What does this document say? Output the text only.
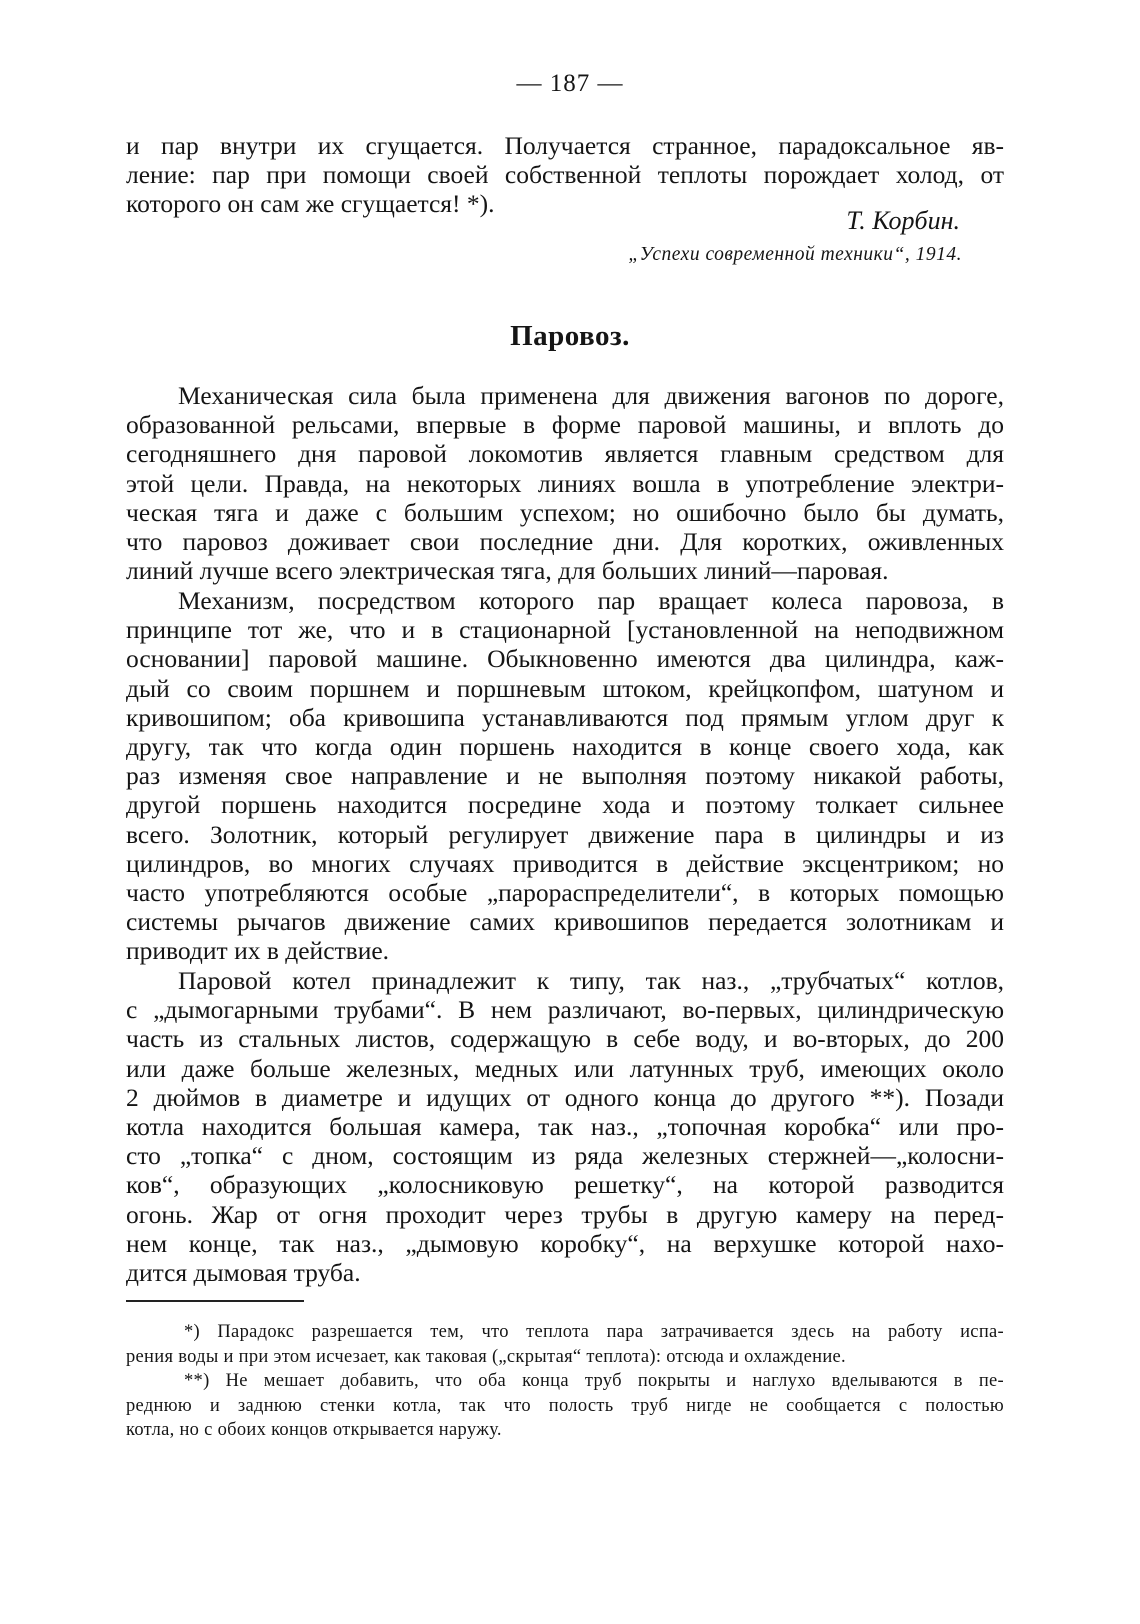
— 187 —
и пар внутри их сгущается. Получается странное, парадоксальное яв-
ление: пар при помощи своей собственной теплоты порождает холод, от
которого он сам же сгущается! *).
Т. Корбин.
„Успехи современной техники“, 1914.
Паровоз.
Механическая сила была применена для движения вагонов по дороге,
образованной рельсами, впервые в форме паровой машины, и вплоть до
сегодняшнего дня паровой локомотив является главным средством для
этой цели. Правда, на некоторых линиях вошла в употребление электри-
ческая тяга и даже с большим успехом; но ошибочно было бы думать,
что паровоз доживает свои последние дни. Для коротких, оживленных
линий лучше всего электрическая тяга, для больших линий—паровая.
Механизм, посредством которого пар вращает колеса паровоза, в
принципе тот же, что и в стационарной [установленной на неподвижном
основании] паровой машине. Обыкновенно имеются два цилиндра, каж-
дый со своим поршнем и поршневым штоком, крейцкопфом, шатуном и
кривошипом; оба кривошипа устанавливаются под прямым углом друг к
другу, так что когда один поршень находится в конце своего хода, как
раз изменяя свое направление и не выполняя поэтому никакой работы,
другой поршень находится посредине хода и поэтому толкает сильнее
всего. Золотник, который регулирует движение пара в цилиндры и из
цилиндров, во многих случаях приводится в действие эксцентриком; но
часто употребляются особые „парораспределители“, в которых помощью
системы рычагов движение самих кривошипов передается золотникам и
приводит их в действие.
Паровой котел принадлежит к типу, так наз., „трубчатых“ котлов,
с „дымогарными трубами“. В нем различают, во-первых, цилиндрическую
часть из стальных листов, содержащую в себе воду, и во-вторых, до 200
или даже больше железных, медных или латунных труб, имеющих около
2 дюймов в диаметре и идущих от одного конца до другого **). Позади
котла находится большая камера, так наз., „топочная коробка“ или про-
сто „топка“ с дном, состоящим из ряда железных стержней—„колосни-
ков“, образующих „колосниковую решетку“, на которой разводится
огонь. Жар от огня проходит через трубы в другую камеру на перед-
нем конце, так наз., „дымовую коробку“, на верхушке которой нахо-
дится дымовая труба.
*) Парадокс разрешается тем, что теплота пара затрачивается здесь на работу испа-
рения воды и при этом исчезает, как таковая („скрытая“ теплота): отсюда и охлаждение.
**) Не мешает добавить, что оба конца труб покрыты и наглухо вделываются в пе-
реднюю и заднюю стенки котла, так что полость труб нигде не сообщается с полостью
котла, но с обоих концов открывается наружу.
